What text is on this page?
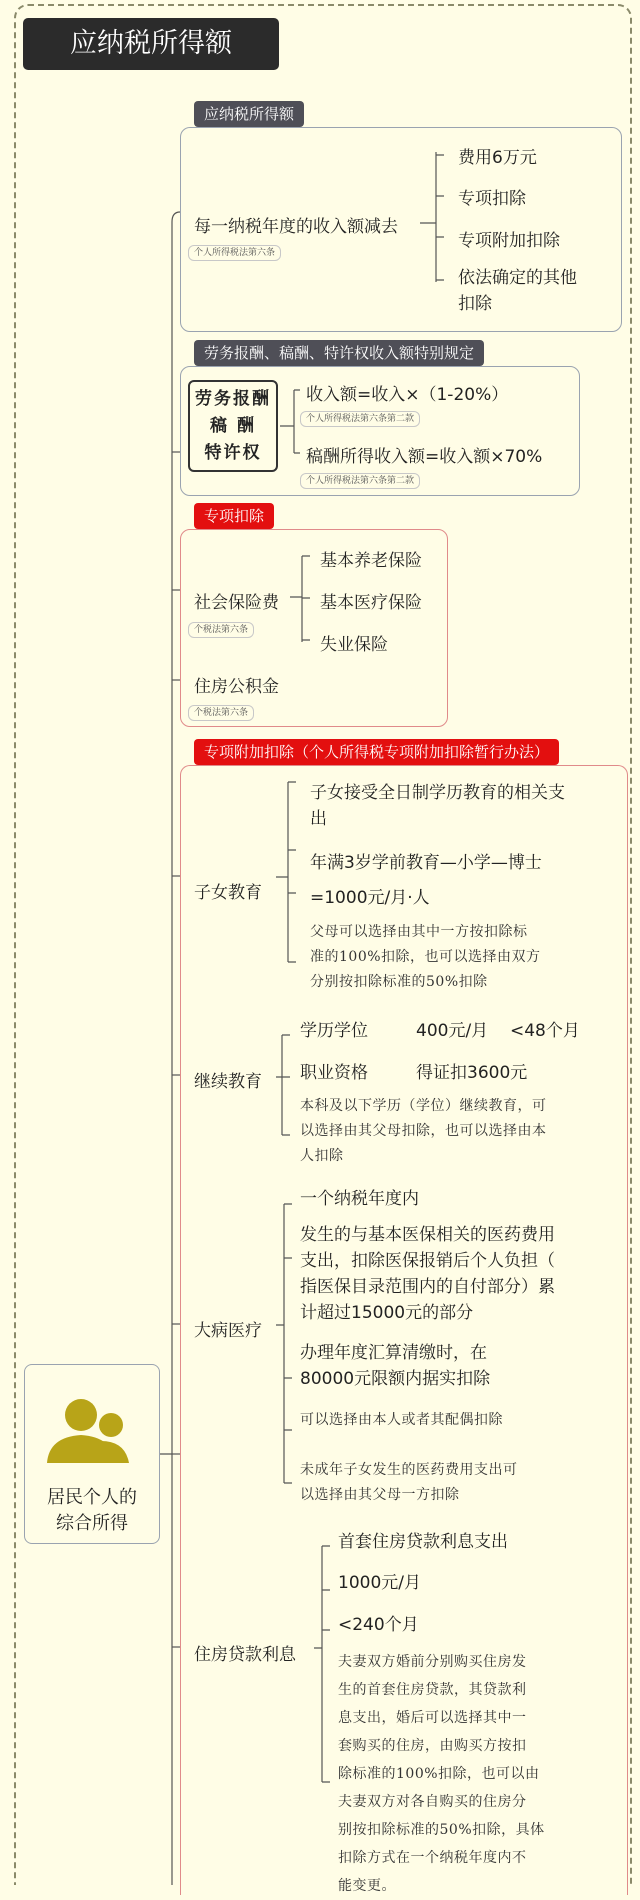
应纳税所得额
应纳税所得额
每一纳税年度的收入额减去
个人所得税法第六条
费用6万元
专项扣除
专项附加扣除
依法确定的其他
扣除
劳务报酬、稿酬、特许权收入额特别规定
劳务报酬
稿 酬
特许权
收入额=收入×（1-20%）
个人所得税法第六条第二款
稿酬所得收入额=收入额×70%
个人所得税法第六条第二款
专项扣除
社会保险费
个税法第六条
基本养老保险
基本医疗保险
失业保险
住房公积金
个税法第六条
专项附加扣除（个人所得税专项附加扣除暂行办法）
子女教育
子女接受全日制学历教育的相关支
出
年满3岁学前教育—小学—博士
=1000元/月·人
父母可以选择由其中一方按扣除标
准的100%扣除，也可以选择由双方
分别按扣除标准的50%扣除
继续教育
学历学位	400元/月 <48个月
职业资格	得证扣3600元
本科及以下学历（学位）继续教育，可
以选择由其父母扣除，也可以选择由本
人扣除
大病医疗
一个纳税年度内
发生的与基本医保相关的医药费用
支出，扣除医保报销后个人负担（
指医保目录范围内的自付部分）累
计超过15000元的部分
办理年度汇算清缴时，在
80000元限额内据实扣除
可以选择由本人或者其配偶扣除
未成年子女发生的医药费用支出可
以选择由其父母一方扣除
住房贷款利息
首套住房贷款利息支出
1000元/月
<240个月
夫妻双方婚前分别购买住房发
生的首套住房贷款，其贷款利
息支出，婚后可以选择其中一
套购买的住房，由购买方按扣
除标准的100%扣除，也可以由
夫妻双方对各自购买的住房分
别按扣除标准的50%扣除，具体
扣除方式在一个纳税年度内不
能变更。
居民个人的
综合所得
